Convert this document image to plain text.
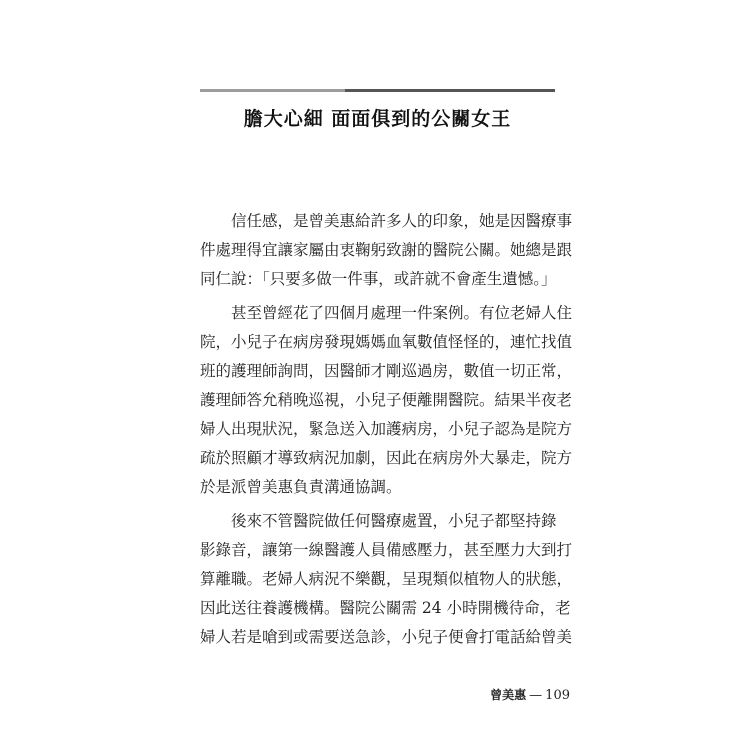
膽大心細 面面俱到的公關女王
　　信任感，是曾美惠給許多人的印象，她是因醫療事
件處理得宜讓家屬由衷鞠躬致謝的醫院公關。她總是跟
同仁說：「只要多做一件事，或許就不會產生遺憾。」
　　甚至曾經花了四個月處理一件案例。有位老婦人住
院，小兒子在病房發現媽媽血氧數值怪怪的，連忙找值
班的護理師詢問，因醫師才剛巡過房，數值一切正常，
護理師答允稍晚巡視，小兒子便離開醫院。結果半夜老
婦人出現狀況，緊急送入加護病房，小兒子認為是院方
疏於照顧才導致病況加劇，因此在病房外大暴走，院方
於是派曾美惠負責溝通協調。
　　後來不管醫院做任何醫療處置，小兒子都堅持錄
影錄音，讓第一線醫護人員備感壓力，甚至壓力大到打
算離職。老婦人病況不樂觀，呈現類似植物人的狀態，
因此送往養護機構。醫院公關需 24 小時開機待命，老
婦人若是嗆到或需要送急診，小兒子便會打電話給曾美
曾美惠 — 109
